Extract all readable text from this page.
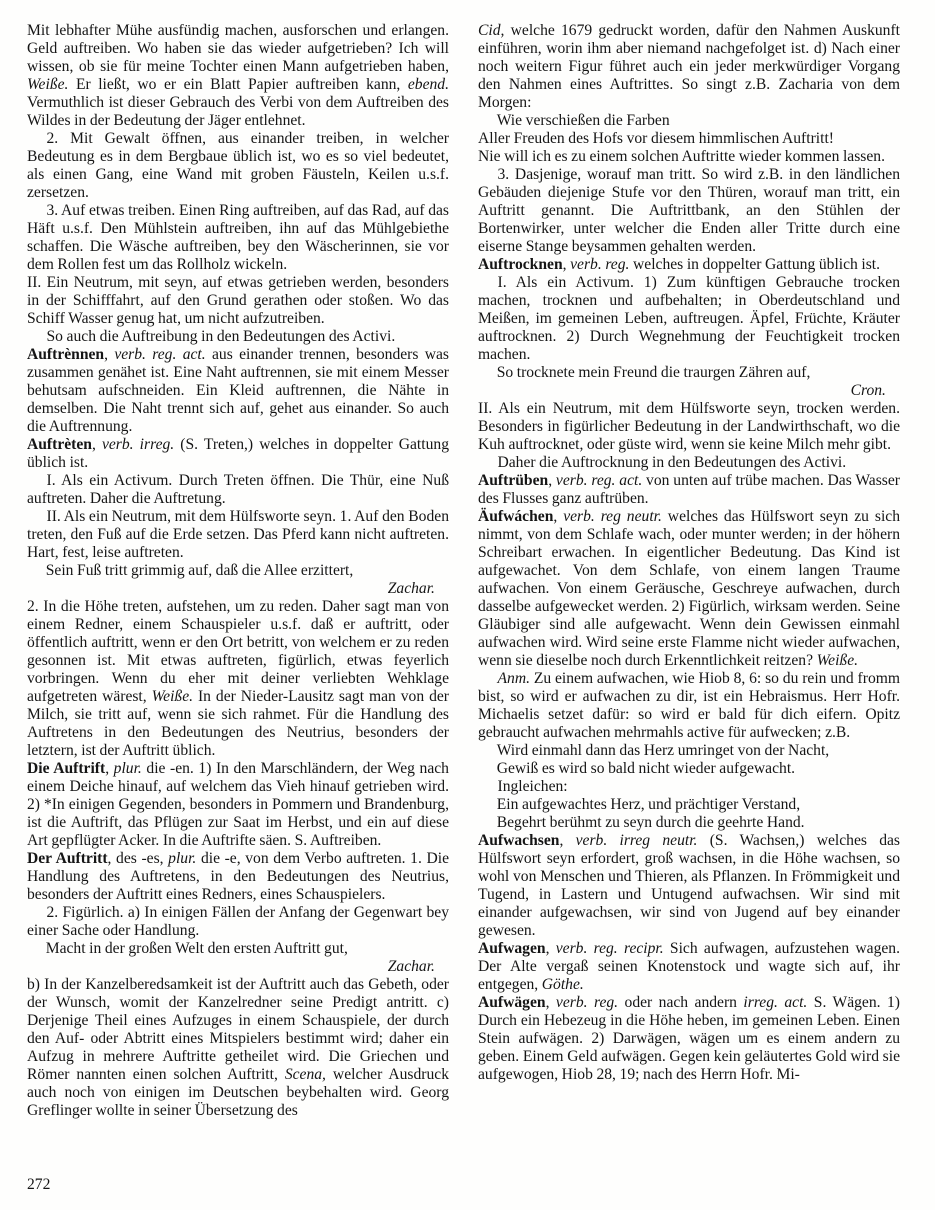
Mit lebhafter Mühe ausfündig machen, ausforschen und erlangen. Geld auftreiben. Wo haben sie das wieder aufgetrieben? Ich will wissen, ob sie für meine Tochter einen Mann aufgetrieben haben, Weiße. Er ließt, wo er ein Blatt Papier auftreiben kann, ebend. Vermuthlich ist dieser Gebrauch des Verbi von dem Auftreiben des Wildes in der Bedeutung der Jäger entlehnet.

2. Mit Gewalt öffnen, aus einander treiben, in welcher Bedeutung es in dem Bergbaue üblich ist, wo es so viel bedeutet, als einen Gang, eine Wand mit groben Fäusteln, Keilen u.s.f. zersetzen.

3. Auf etwas treiben. Einen Ring auftreiben, auf das Rad, auf das Häft u.s.f. Den Mühlstein auftreiben, ihn auf das Mühlgebiethe schaffen. Die Wäsche auftreiben, bey den Wäscherinnen, sie vor dem Rollen fest um das Rollholz wickeln.

II. Ein Neutrum, mit seyn, auf etwas getrieben werden, besonders in der Schifffahrt, auf den Grund gerathen oder stoßen. Wo das Schiff Wasser genug hat, um nicht aufzutreiben.

So auch die Auftreibung in den Bedeutungen des Activi.

Auftrènnen, verb. reg. act. aus einander trennen, besonders was zusammen genähet ist. Eine Naht auftrennen, sie mit einem Messer behutsam aufschneiden. Ein Kleid auftrennen, die Nähte in demselben. Die Naht trennt sich auf, gehet aus einander. So auch die Auftrennung.

Auftrèten, verb. irreg. (S. Treten,) welches in doppelter Gattung üblich ist.

I. Als ein Activum. Durch Treten öffnen. Die Thür, eine Nuß auftreten. Daher die Auftretung.

II. Als ein Neutrum, mit dem Hülfsworte seyn. 1. Auf den Boden treten, den Fuß auf die Erde setzen. Das Pferd kann nicht auftreten. Hart, fest, leise auftreten.

Sein Fuß tritt grimmig auf, daß die Allee erzittert,

Zachar.

2. In die Höhe treten, aufstehen, um zu reden. Daher sagt man von einem Redner, einem Schauspieler u.s.f. daß er auftritt, oder öffentlich auftritt, wenn er den Ort betritt, von welchem er zu reden gesonnen ist. Mit etwas auftreten, figürlich, etwas feyerlich vorbringen. Wenn du eher mit deiner verliebten Wehklage aufgetreten wärest, Weiße. In der Nieder-Lausitz sagt man von der Milch, sie tritt auf, wenn sie sich rahmet. Für die Handlung des Auftretens in den Bedeutungen des Neutrius, besonders der letztern, ist der Auftritt üblich.

Die Auftrift, plur. die -en. 1) In den Marschländern, der Weg nach einem Deiche hinauf, auf welchem das Vieh hinauf getrieben wird. 2) *In einigen Gegenden, besonders in Pommern und Brandenburg, ist die Auftrift, das Pflügen zur Saat im Herbst, und ein auf diese Art gepflügter Acker. In die Auftrifte säen. S. Auftreiben.

Der Auftritt, des -es, plur. die -e, von dem Verbo auftreten. 1. Die Handlung des Auftretens, in den Bedeutungen des Neutrius, besonders der Auftritt eines Redners, eines Schauspielers.

2. Figürlich. a) In einigen Fällen der Anfang der Gegenwart bey einer Sache oder Handlung.

Macht in der großen Welt den ersten Auftritt gut,

Zachar.

b) In der Kanzelberedsamkeit ist der Auftritt auch das Gebeth, oder der Wunsch, womit der Kanzelredner seine Predigt antritt. c) Derjenige Theil eines Aufzuges in einem Schauspiele, der durch den Auf- oder Abtritt eines Mitspielers bestimmt wird; daher ein Aufzug in mehrere Auftritte getheilet wird. Die Griechen und Römer nannten einen solchen Auftritt, Scena, welcher Ausdruck auch noch von einigen im Deutschen beybehalten wird. Georg Greflinger wollte in seiner Übersetzung des

Cid, welche 1679 gedruckt worden, dafür den Nahmen Auskunft einführen, worin ihm aber niemand nachgefolget ist. d) Nach einer noch weitern Figur führet auch ein jeder merkwürdiger Vorgang den Nahmen eines Auftrittes. So singt z.B. Zacharia von dem Morgen:

Wie verschießen die Farben

Aller Freuden des Hofs vor diesem himmlischen Auftritt!

Nie will ich es zu einem solchen Auftritte wieder kommen lassen.

3. Dasjenige, worauf man tritt. So wird z.B. in den ländlichen Gebäuden diejenige Stufe vor den Thüren, worauf man tritt, ein Auftritt genannt. Die Auftrittbank, an den Stühlen der Bortenwirker, unter welcher die Enden aller Tritte durch eine eiserne Stange beysammen gehalten werden.

Auftrocknen, verb. reg. welches in doppelter Gattung üblich ist.

I. Als ein Activum. 1) Zum künftigen Gebrauche trocken machen, trocknen und aufbehalten; in Oberdeutschland und Meißen, im gemeinen Leben, auftreugen. Äpfel, Früchte, Kräuter auftrocknen. 2) Durch Wegnehmung der Feuchtigkeit trocken machen.

So trocknete mein Freund die traurgen Zähren auf,

Cron.

II. Als ein Neutrum, mit dem Hülfsworte seyn, trocken werden. Besonders in figürlicher Bedeutung in der Landwirthschaft, wo die Kuh auftrocknet, oder güste wird, wenn sie keine Milch mehr gibt.

Daher die Auftrocknung in den Bedeutungen des Activi.

Auftrüben, verb. reg. act. von unten auf trübe machen. Das Wasser des Flusses ganz auftrüben.

Äufwáchen, verb. reg neutr. welches das Hülfswort seyn zu sich nimmt, von dem Schlafe wach, oder munter werden; in der höhern Schreibart erwachen. In eigentlicher Bedeutung. Das Kind ist aufgewachet. Von dem Schlafe, von einem langen Traume aufwachen. Von einem Geräusche, Geschreye aufwachen, durch dasselbe aufgewecket werden. 2) Figürlich, wirksam werden. Seine Gläubiger sind alle aufgewacht. Wenn dein Gewissen einmahl aufwachen wird. Wird seine erste Flamme nicht wieder aufwachen, wenn sie dieselbe noch durch Erkenntlichkeit reitzen? Weiße.

Anm. Zu einem aufwachen, wie Hiob 8, 6: so du rein und fromm bist, so wird er aufwachen zu dir, ist ein Hebraismus. Herr Hofr. Michaelis setzet dafür: so wird er bald für dich eifern. Opitz gebraucht aufwachen mehrmahls active für aufwecken; z.B.

Wird einmahl dann das Herz umringet von der Nacht,

Gewiß es wird so bald nicht wieder aufgewacht.

Ingleichen:

Ein aufgewachtes Herz, und prächtiger Verstand,

Begehrt berühmt zu seyn durch die geehrte Hand.

Aufwachsen, verb. irreg neutr. (S. Wachsen,) welches das Hülfswort seyn erfordert, groß wachsen, in die Höhe wachsen, so wohl von Menschen und Thieren, als Pflanzen. In Frömmigkeit und Tugend, in Lastern und Untugend aufwachsen. Wir sind mit einander aufgewachsen, wir sind von Jugend auf bey einander gewesen.

Aufwagen, verb. reg. recipr. Sich aufwagen, aufzustehen wagen. Der Alte vergaß seinen Knotenstock und wagte sich auf, ihr entgegen, Göthe.

Aufwägen, verb. reg. oder nach andern irreg. act. S. Wägen. 1) Durch ein Hebezeug in die Höhe heben, im gemeinen Leben. Einen Stein aufwägen. 2) Darwägen, wägen um es einem andern zu geben. Einem Geld aufwägen. Gegen kein geläutertes Gold wird sie aufgewogen, Hiob 28, 19; nach des Herrn Hofr. Mi-

272
